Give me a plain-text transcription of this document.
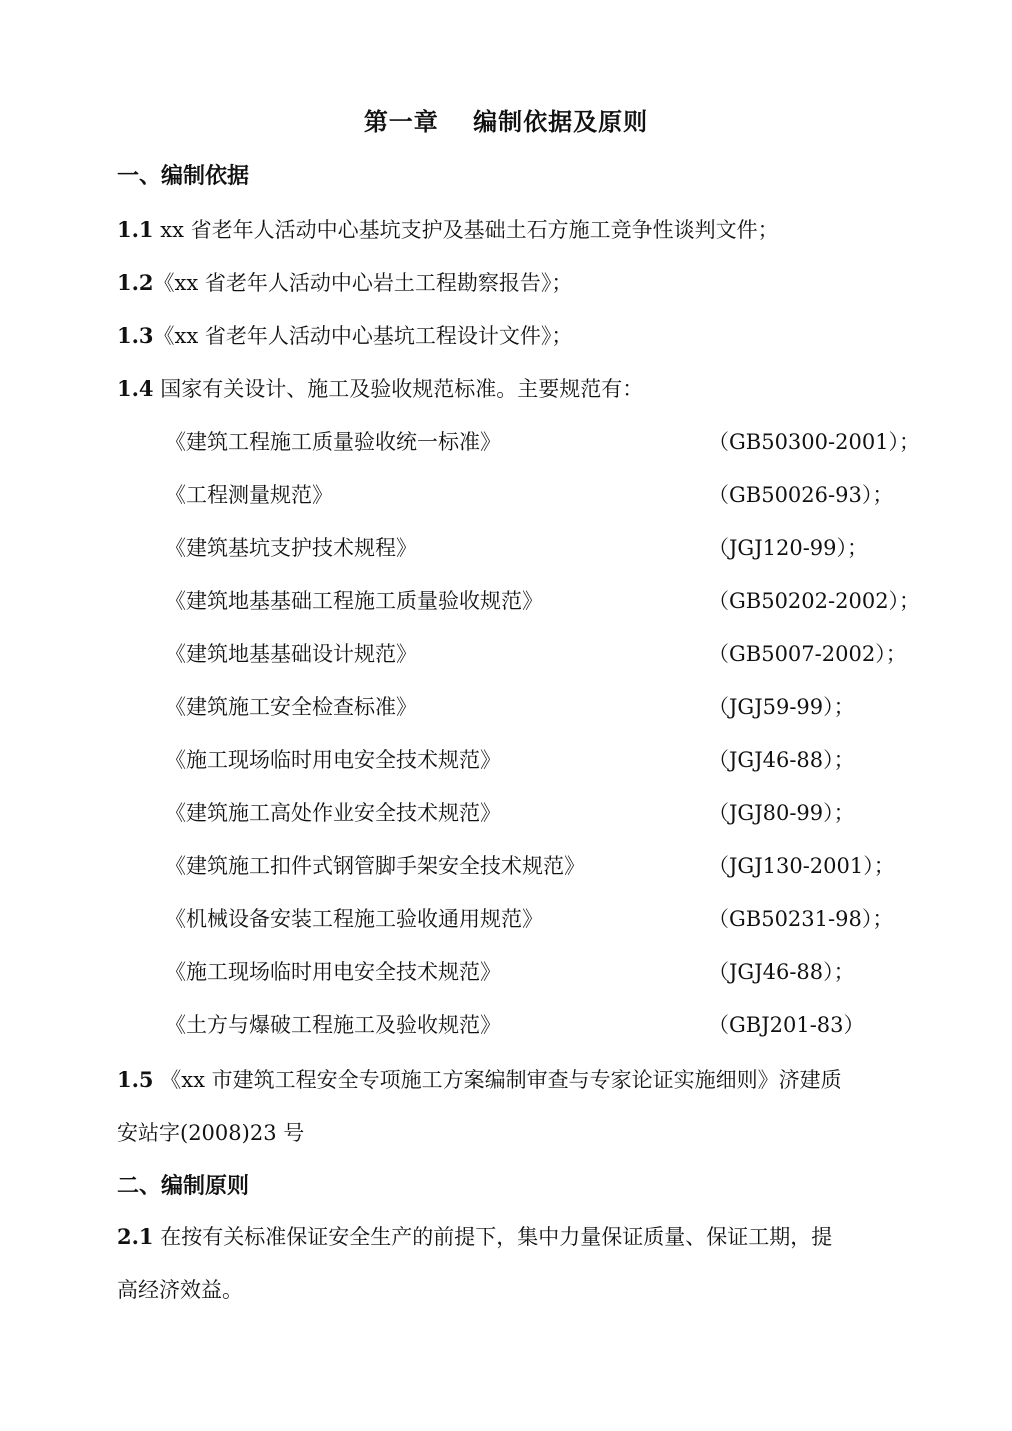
第一章　 编制依据及原则
一、编制依据
1.1 xx 省老年人活动中心基坑支护及基础土石方施工竞争性谈判文件；
1.2《xx 省老年人活动中心岩土工程勘察报告》；
1.3《xx 省老年人活动中心基坑工程设计文件》；
1.4 国家有关设计、施工及验收规范标准。主要规范有：
《建筑工程施工质量验收统一标准》	（GB50300-2001）；
《工程测量规范》	（GB50026-93）；
《建筑基坑支护技术规程》	（JGJ120-99）；
《建筑地基基础工程施工质量验收规范》	（GB50202-2002）；
《建筑地基基础设计规范》	（GB5007-2002）；
《建筑施工安全检查标准》	（JGJ59-99）；
《施工现场临时用电安全技术规范》	（JGJ46-88）；
《建筑施工高处作业安全技术规范》	（JGJ80-99）；
《建筑施工扣件式钢管脚手架安全技术规范》	（JGJ130-2001）；
《机械设备安装工程施工验收通用规范》	（GB50231-98）；
《施工现场临时用电安全技术规范》	（JGJ46-88）；
《土方与爆破工程施工及验收规范》	（GBJ201-83）
1.5 《xx 市建筑工程安全专项施工方案编制审查与专家论证实施细则》济建质
安站字(2008)23 号
二、编制原则
2.1 在按有关标准保证安全生产的前提下，集中力量保证质量、保证工期，提
高经济效益。
